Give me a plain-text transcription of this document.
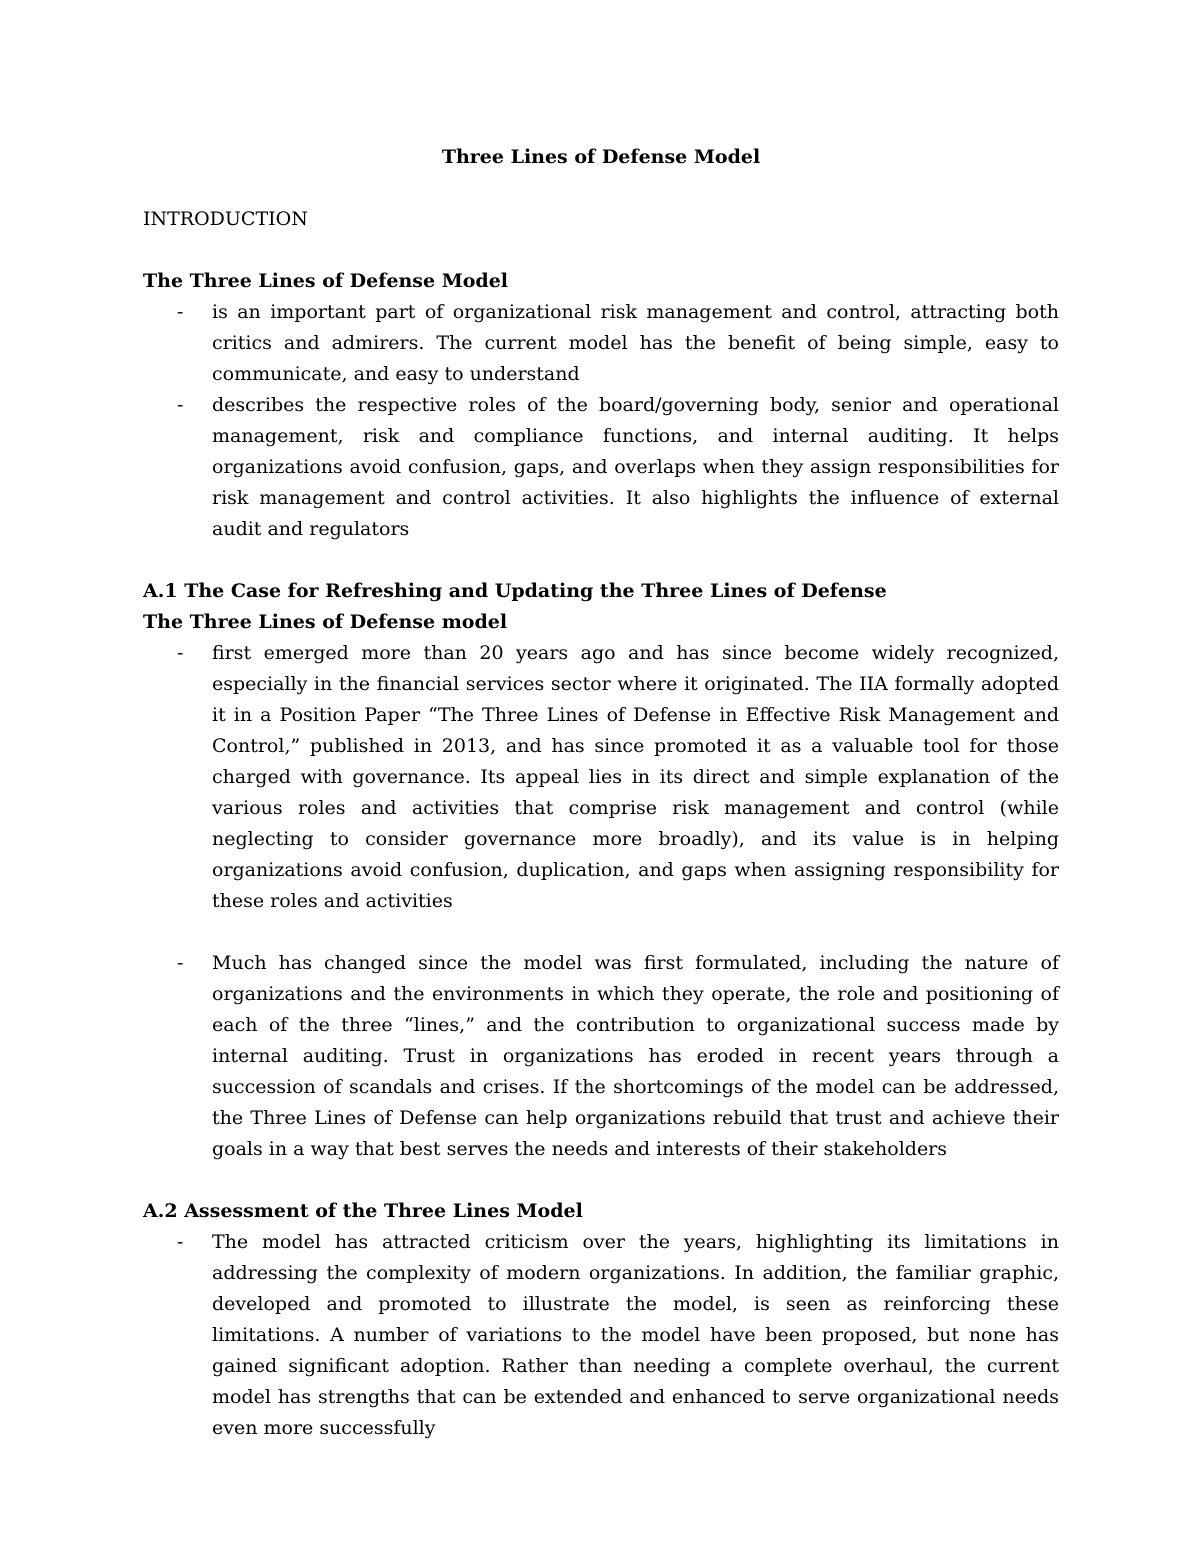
Three Lines of Defense Model

INTRODUCTION

The Three Lines of Defense Model

- is an important part of organizational risk management and control, attracting both critics and admirers. The current model has the benefit of being simple, easy to communicate, and easy to understand
- describes the respective roles of the board/governing body, senior and operational management, risk and compliance functions, and internal auditing. It helps organizations avoid confusion, gaps, and overlaps when they assign responsibilities for risk management and control activities. It also highlights the influence of external audit and regulators

A.1 The Case for Refreshing and Updating the Three Lines of Defense

The Three Lines of Defense model

- first emerged more than 20 years ago and has since become widely recognized, especially in the financial services sector where it originated. The IIA formally adopted it in a Position Paper “The Three Lines of Defense in Effective Risk Management and Control,” published in 2013, and has since promoted it as a valuable tool for those charged with governance. Its appeal lies in its direct and simple explanation of the various roles and activities that comprise risk management and control (while neglecting to consider governance more broadly), and its value is in helping organizations avoid confusion, duplication, and gaps when assigning responsibility for these roles and activities
- Much has changed since the model was first formulated, including the nature of organizations and the environments in which they operate, the role and positioning of each of the three “lines,” and the contribution to organizational success made by internal auditing. Trust in organizations has eroded in recent years through a succession of scandals and crises. If the shortcomings of the model can be addressed, the Three Lines of Defense can help organizations rebuild that trust and achieve their goals in a way that best serves the needs and interests of their stakeholders

A.2 Assessment of the Three Lines Model

- The model has attracted criticism over the years, highlighting its limitations in addressing the complexity of modern organizations. In addition, the familiar graphic, developed and promoted to illustrate the model, is seen as reinforcing these limitations. A number of variations to the model have been proposed, but none has gained significant adoption. Rather than needing a complete overhaul, the current model has strengths that can be extended and enhanced to serve organizational needs even more successfully
